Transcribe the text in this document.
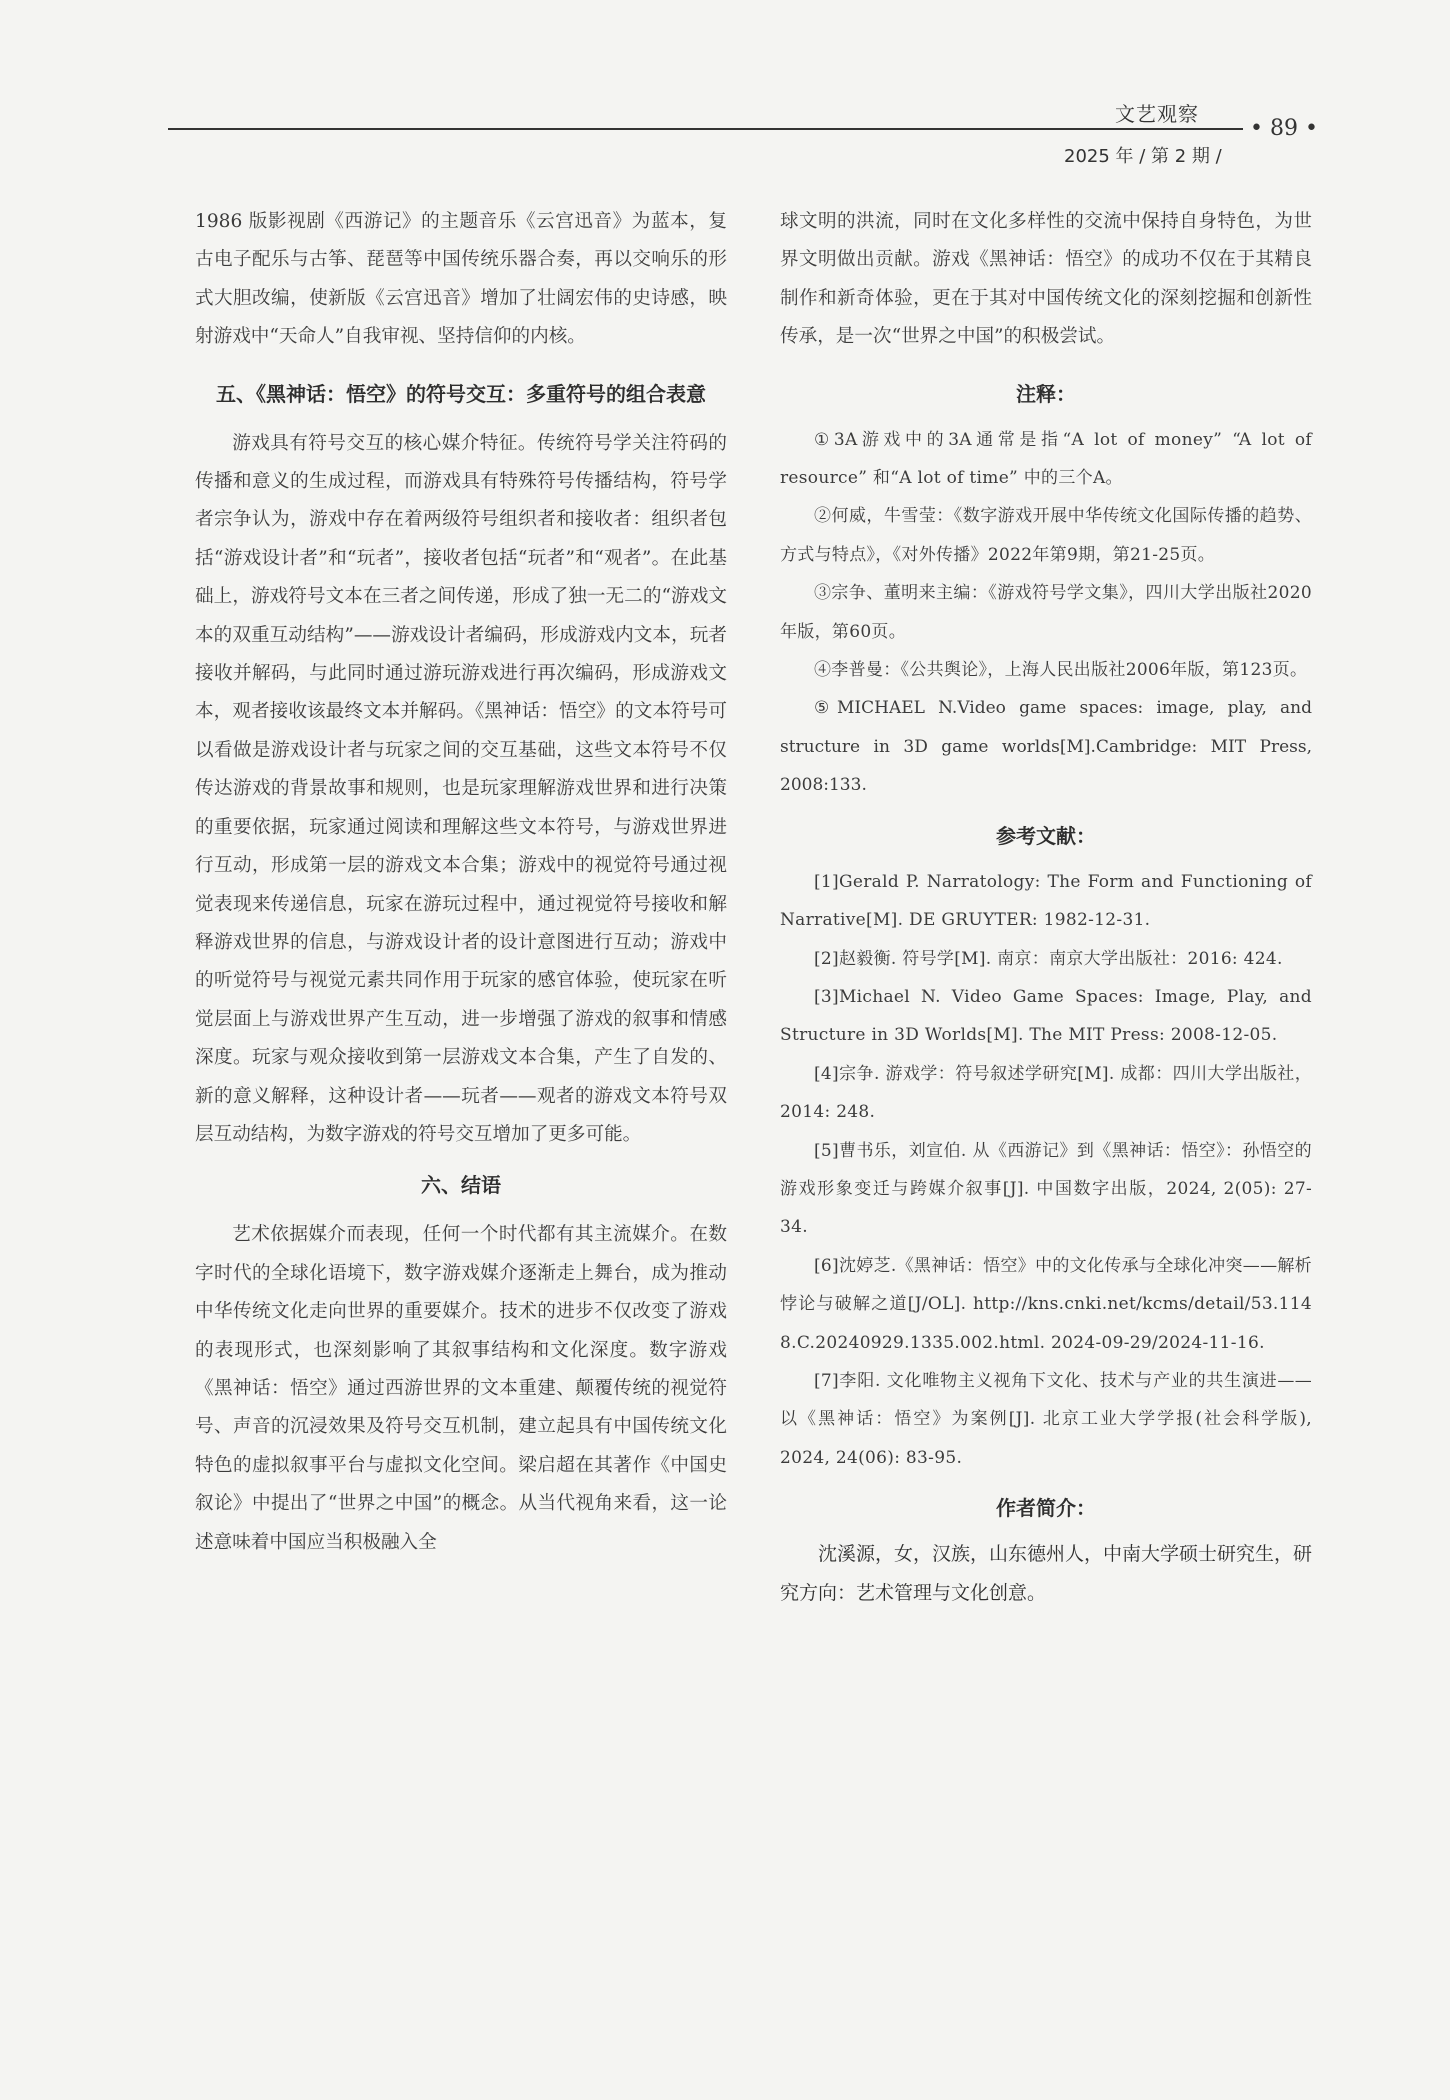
文艺观察
• 89 •
2025 年 / 第 2 期 /

1986 版影视剧《西游记》的主题音乐《云宫迅音》为蓝本，复古电子配乐与古筝、琵琶等中国传统乐器合奏，再以交响乐的形式大胆改编，使新版《云宫迅音》增加了壮阔宏伟的史诗感，映射游戏中“天命人”自我审视、坚持信仰的内核。

五、《黑神话：悟空》的符号交互：多重符号的组合表意

游戏具有符号交互的核心媒介特征。传统符号学关注符码的传播和意义的生成过程，而游戏具有特殊符号传播结构，符号学者宗争认为，游戏中存在着两级符号组织者和接收者：组织者包括“游戏设计者”和“玩者”，接收者包括“玩者”和“观者”。在此基础上，游戏符号文本在三者之间传递，形成了独一无二的“游戏文本的双重互动结构”——游戏设计者编码，形成游戏内文本，玩者接收并解码，与此同时通过游玩游戏进行再次编码，形成游戏文本，观者接收该最终文本并解码。《黑神话：悟空》的文本符号可以看做是游戏设计者与玩家之间的交互基础，这些文本符号不仅传达游戏的背景故事和规则，也是玩家理解游戏世界和进行决策的重要依据，玩家通过阅读和理解这些文本符号，与游戏世界进行互动，形成第一层的游戏文本合集；游戏中的视觉符号通过视觉表现来传递信息，玩家在游玩过程中，通过视觉符号接收和解释游戏世界的信息，与游戏设计者的设计意图进行互动；游戏中的听觉符号与视觉元素共同作用于玩家的感官体验，使玩家在听觉层面上与游戏世界产生互动，进一步增强了游戏的叙事和情感深度。玩家与观众接收到第一层游戏文本合集，产生了自发的、新的意义解释，这种设计者——玩者——观者的游戏文本符号双层互动结构，为数字游戏的符号交互增加了更多可能。

六、结语

艺术依据媒介而表现，任何一个时代都有其主流媒介。在数字时代的全球化语境下，数字游戏媒介逐渐走上舞台，成为推动中华传统文化走向世界的重要媒介。技术的进步不仅改变了游戏的表现形式，也深刻影响了其叙事结构和文化深度。数字游戏《黑神话：悟空》通过西游世界的文本重建、颠覆传统的视觉符号、声音的沉浸效果及符号交互机制，建立起具有中国传统文化特色的虚拟叙事平台与虚拟文化空间。梁启超在其著作《中国史叙论》中提出了“世界之中国”的概念。从当代视角来看，这一论述意味着中国应当积极融入全

球文明的洪流，同时在文化多样性的交流中保持自身特色，为世界文明做出贡献。游戏《黑神话：悟空》的成功不仅在于其精良制作和新奇体验，更在于其对中国传统文化的深刻挖掘和创新性传承，是一次“世界之中国”的积极尝试。

注释：

①3A游戏中的3A通常是指“A lot of money” “A lot of resource” 和“A lot of time” 中的三个A。

②何威，牛雪莹：《数字游戏开展中华传统文化国际传播的趋势、方式与特点》，《对外传播》2022年第9期，第21-25页。

③宗争、董明来主编：《游戏符号学文集》，四川大学出版社2020年版，第60页。

④李普曼：《公共舆论》，上海人民出版社2006年版，第123页。

⑤MICHAEL N.Video game spaces: image, play, and structure in 3D game worlds[M].Cambridge: MIT Press, 2008:133.

参考文献：

[1]Gerald P. Narratology: The Form and Functioning of Narrative[M]. DE GRUYTER: 1982-12-31.

[2]赵毅衡. 符号学[M]. 南京：南京大学出版社：2016: 424.

[3]Michael N. Video Game Spaces: Image, Play, and Structure in 3D Worlds[M]. The MIT Press: 2008-12-05.

[4]宗争. 游戏学：符号叙述学研究[M]. 成都：四川大学出版社，2014: 248.

[5]曹书乐，刘宣伯. 从《西游记》到《黑神话：悟空》：孙悟空的游戏形象变迁与跨媒介叙事[J]. 中国数字出版，2024, 2(05): 27-34.

[6]沈婷芝.《黑神话：悟空》中的文化传承与全球化冲突——解析悖论与破解之道[J/OL]. http://kns.cnki.net/kcms/detail/53.1148.C.20240929.1335.002.html. 2024-09-29/2024-11-16.

[7]李阳. 文化唯物主义视角下文化、技术与产业的共生演进——以《黑神话：悟空》为案例[J]. 北京工业大学学报(社会科学版), 2024, 24(06): 83-95.

作者简介：

沈溪源，女，汉族，山东德州人，中南大学硕士研究生，研究方向：艺术管理与文化创意。
